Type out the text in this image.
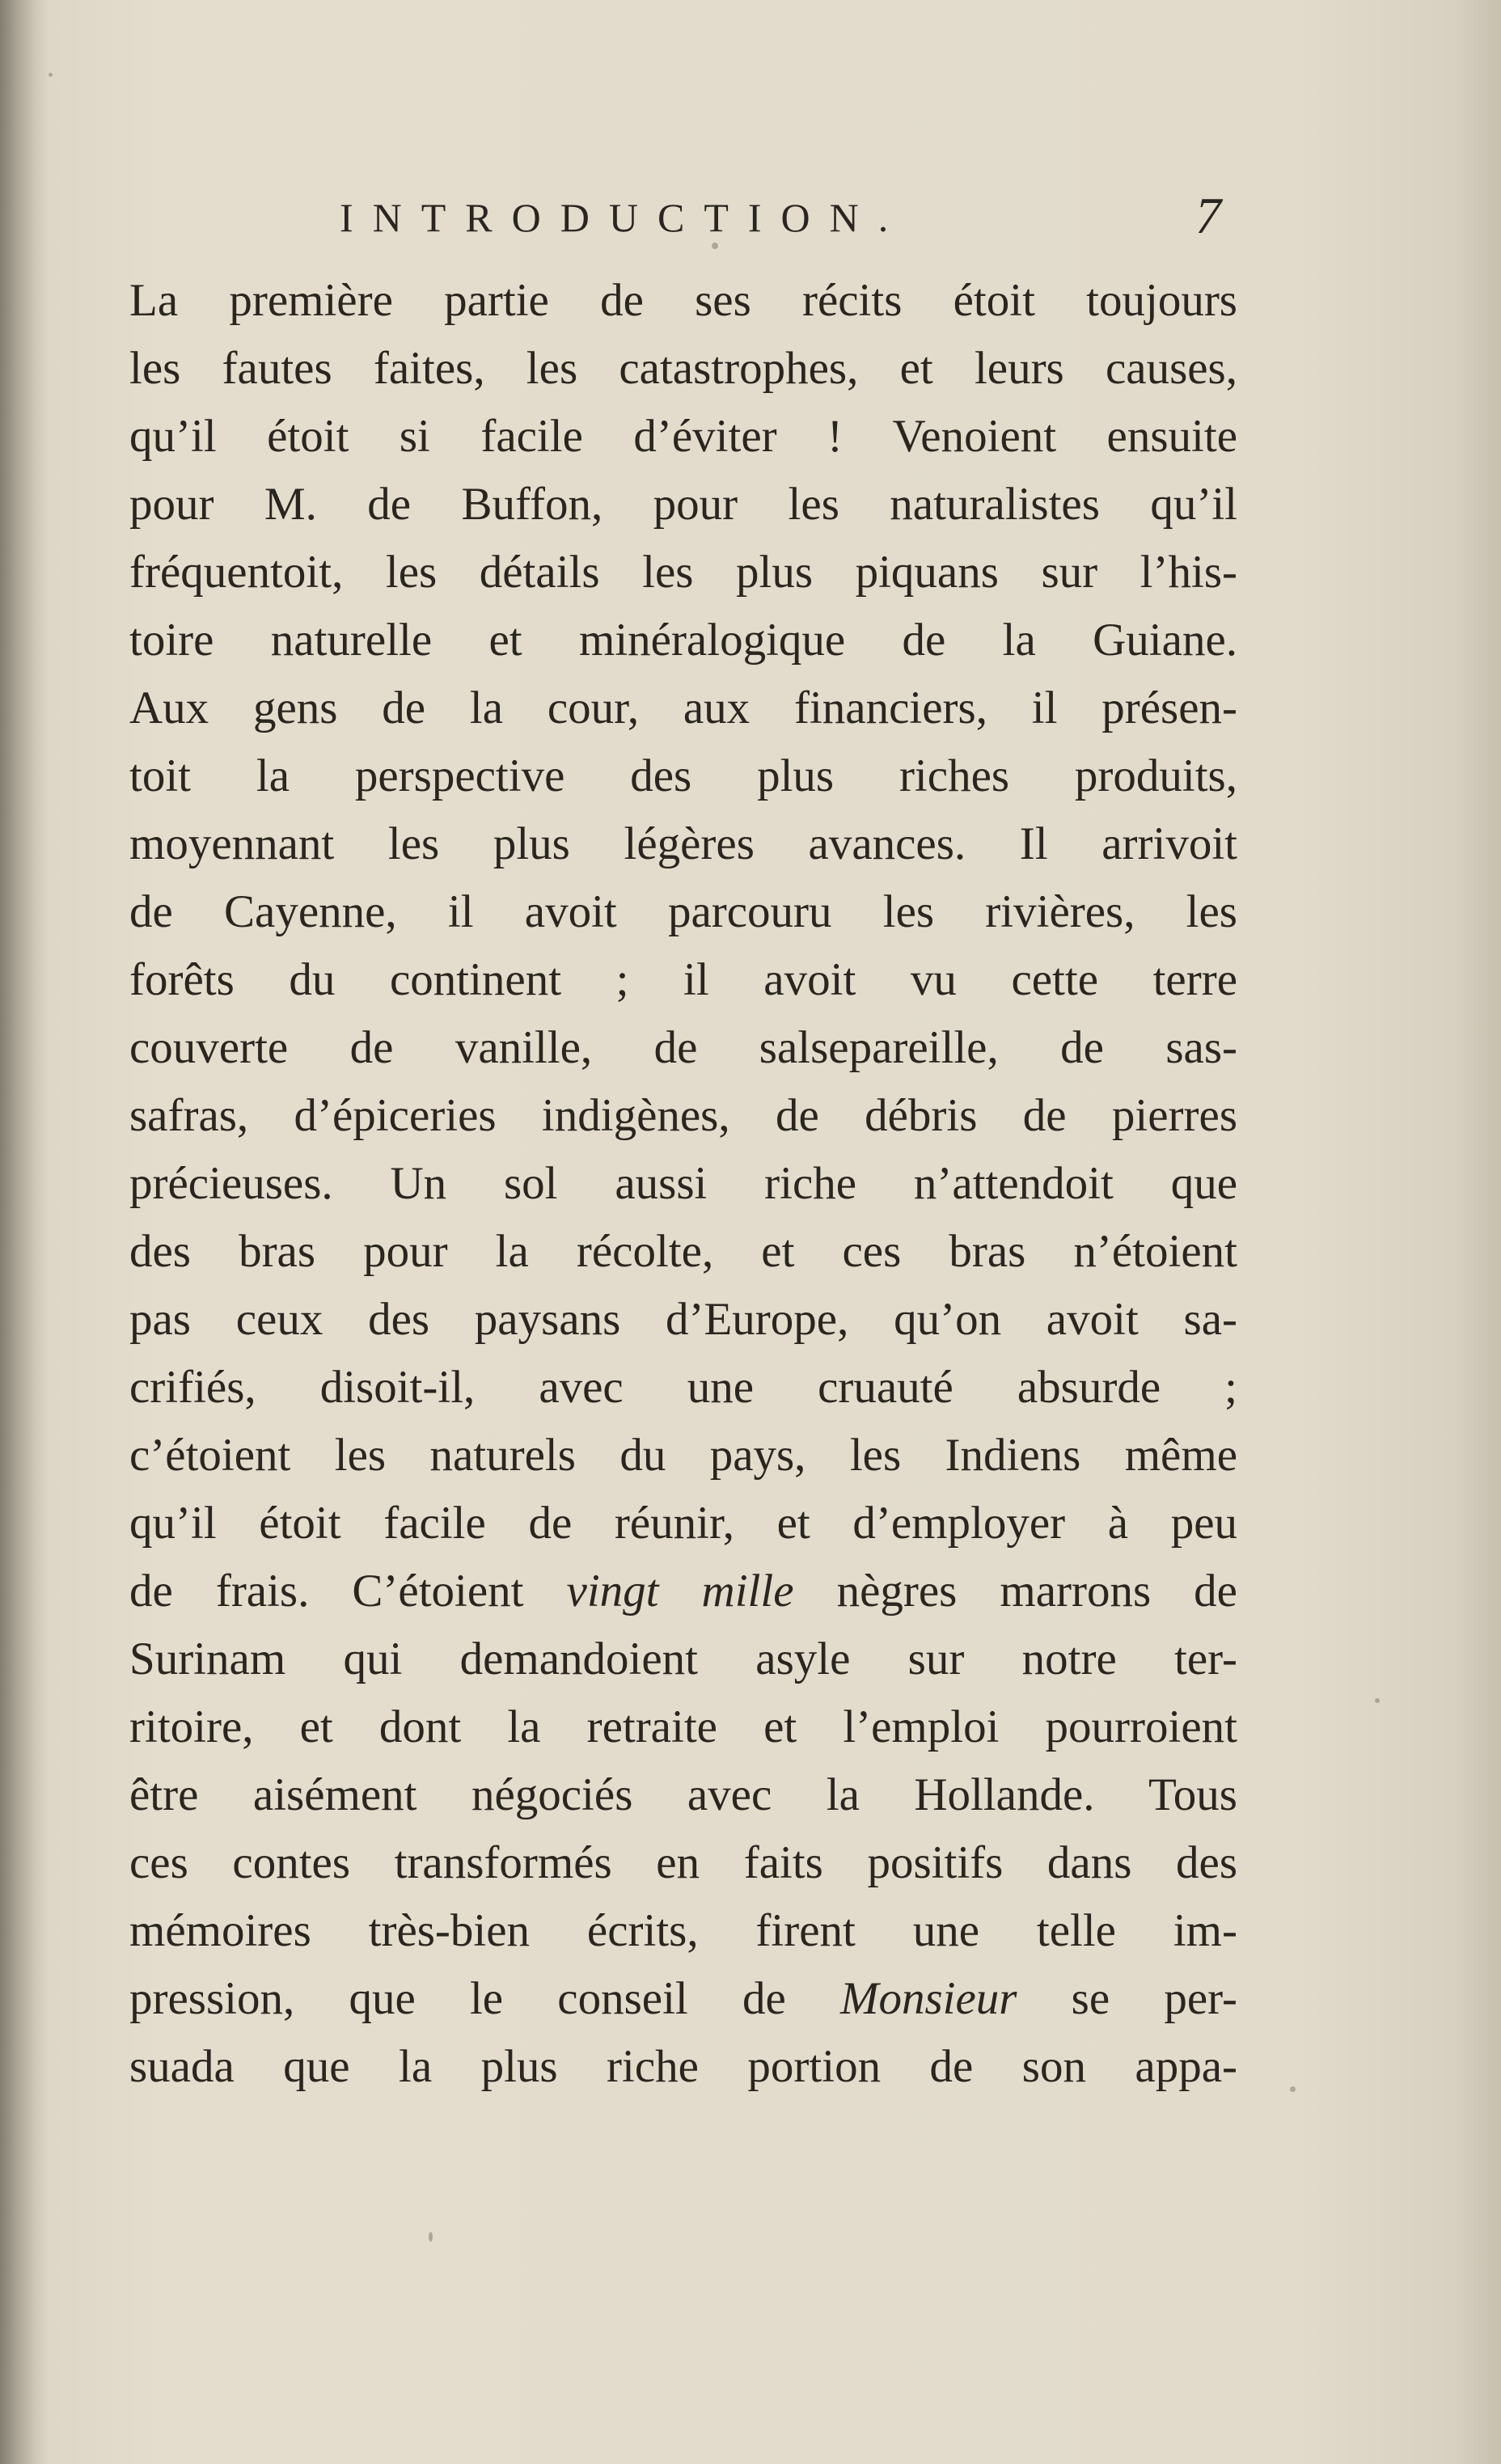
INTRODUCTION.	7
La première partie de ses récits étoit toujours
les fautes faites, les catastrophes, et leurs causes,
qu’il étoit si facile d’éviter ! Venoient ensuite
pour M. de Buffon, pour les naturalistes qu’il
fréquentoit, les détails les plus piquans sur l’his-
toire naturelle et minéralogique de la Guiane.
Aux gens de la cour, aux financiers, il présen-
toit la perspective des plus riches produits,
moyennant les plus légères avances. Il arrivoit
de Cayenne, il avoit parcouru les rivières, les
forêts du continent ; il avoit vu cette terre
couverte de vanille, de salsepareille, de sas-
safras, d’épiceries indigènes, de débris de pierres
précieuses. Un sol aussi riche n’attendoit que
des bras pour la récolte, et ces bras n’étoient
pas ceux des paysans d’Europe, qu’on avoit sa-
crifiés, disoit-il, avec une cruauté absurde ;
c’étoient les naturels du pays, les Indiens même
qu’il étoit facile de réunir, et d’employer à peu
de frais. C’étoient vingt mille nègres marrons de
Surinam qui demandoient asyle sur notre ter-
ritoire, et dont la retraite et l’emploi pourroient
être aisément négociés avec la Hollande. Tous
ces contes transformés en faits positifs dans des
mémoires très-bien écrits, firent une telle im-
pression, que le conseil de Monsieur se per-
suada que la plus riche portion de son appa-
